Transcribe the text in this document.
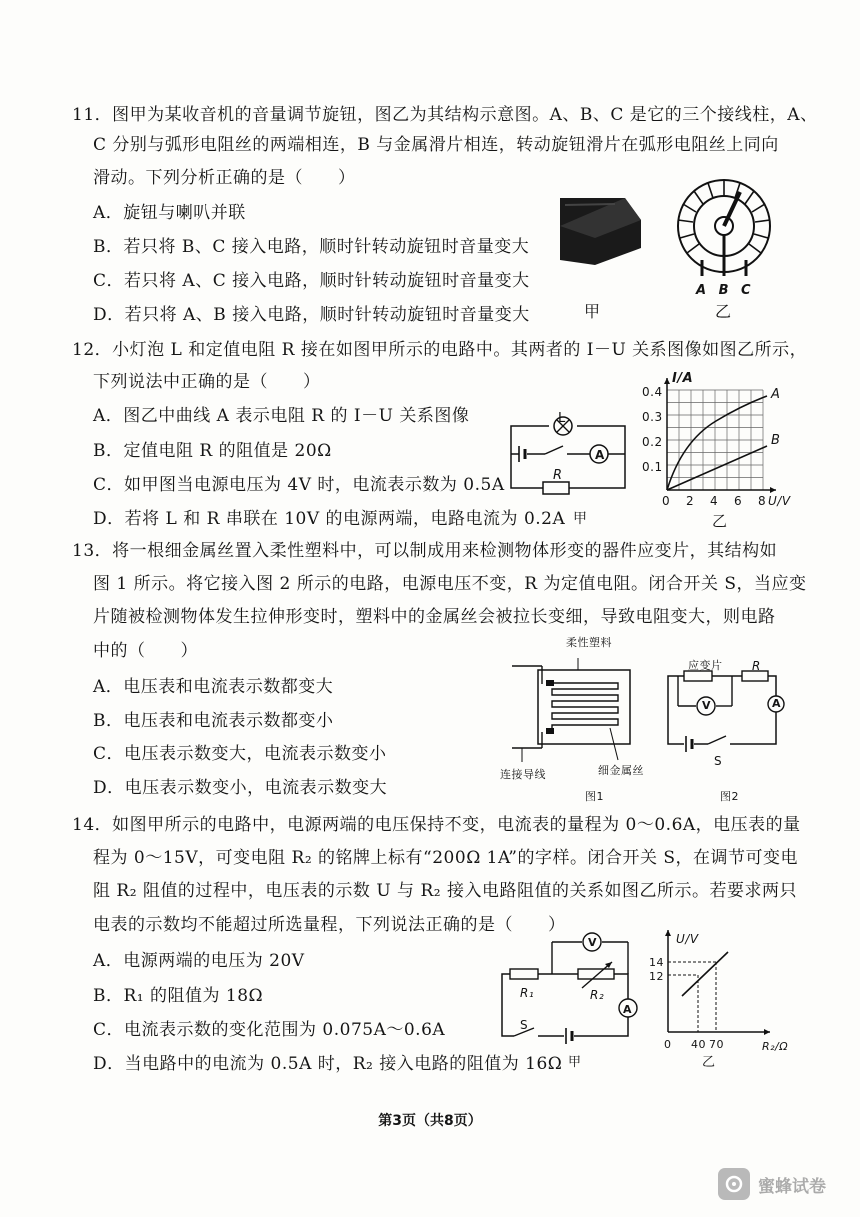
11．图甲为某收音机的音量调节旋钮，图乙为其结构示意图。A、B、C 是它的三个接线柱，A、
C 分别与弧形电阻丝的两端相连，B 与金属滑片相连，转动旋钮滑片在弧形电阻丝上同向
滑动。下列分析正确的是（　　）
A．旋钮与喇叭并联
B．若只将 B、C 接入电路，顺时针转动旋钮时音量变大
C．若只将 A、C 接入电路，顺时针转动旋钮时音量变大
D．若只将 A、B 接入电路，顺时针转动旋钮时音量变大	甲
A B C
乙
12．小灯泡 L 和定值电阻 R 接在如图甲所示的电路中。其两者的 I－U 关系图像如图乙所示，
下列说法中正确的是（　　）
A．图乙中曲线 A 表示电阻 R 的 I－U 关系图像
B．定值电阻 R 的阻值是 20Ω
C．如甲图当电源电压为 4V 时，电流表示数为 0.5A
D．若将 L 和 R 串联在 10V 的电源两端，电路电流为 0.2A
L
A
R
甲
I/A
0.4
0.3
0.2
0.1
0 2 4 6 8 U/V
A
B
乙
13．将一根细金属丝置入柔性塑料中，可以制成用来检测物体形变的器件应变片，其结构如
图 1 所示。将它接入图 2 所示的电路，电源电压不变，R 为定值电阻。闭合开关 S，当应变
片随被检测物体发生拉伸形变时，塑料中的金属丝会被拉长变细，导致电阻变大，则电路
中的（　　）
A．电压表和电流表示数都变大
B．电压表和电流表示数都变小
C．电压表示数变大，电流表示数变小
D．电压表示数变小，电流表示数变大
柔性塑料
连接导线	细金属丝
图1
应变片 R
V	A
S
图2
14．如图甲所示的电路中，电源两端的电压保持不变，电流表的量程为 0～0.6A，电压表的量
程为 0～15V，可变电阻 R₂ 的铭牌上标有“200Ω 1A”的字样。闭合开关 S，在调节可变电
阻 R₂ 阻值的过程中，电压表的示数 U 与 R₂ 接入电路阻值的关系如图乙所示。若要求两只
电表的示数均不能超过所选量程，下列说法正确的是（　　）
A．电源两端的电压为 20V
B．R₁ 的阻值为 18Ω
C．电流表示数的变化范围为 0.075A～0.6A
D．当电路中的电流为 0.5A 时，R₂ 接入电路的阻值为 16Ω
V
A
R₁	R₂
S
甲
U/V
14
12
0 40 70	R₂/Ω
乙
第3页（共8页）
蜜蜂试卷
